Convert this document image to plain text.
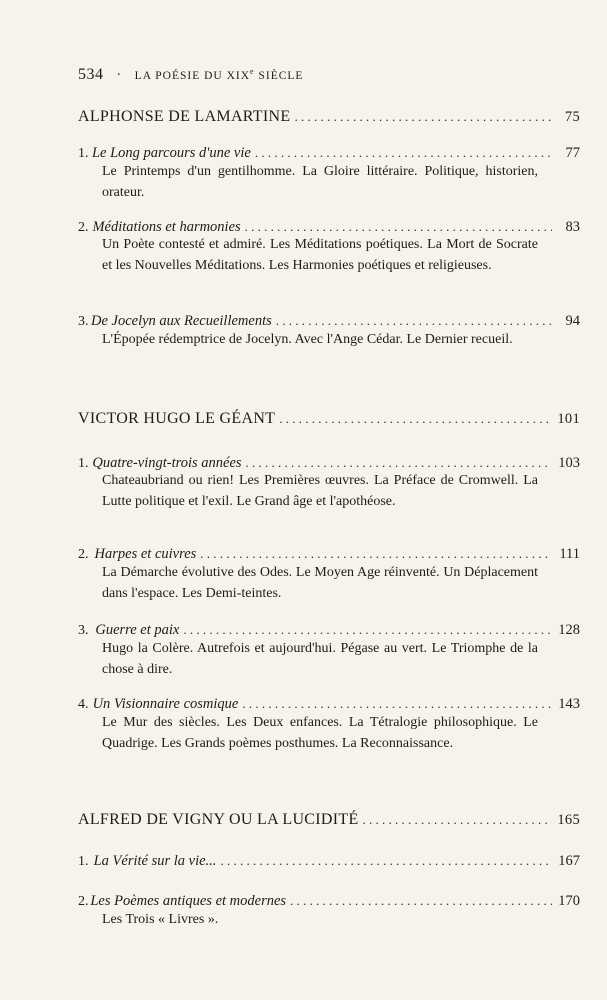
534 · LA POÉSIE DU XIXe SIÈCLE
ALPHONSE DE LAMARTINE . . .	75
1. Le Long parcours d'une vie . . .	77
Le Printemps d'un gentilhomme. La Gloire littéraire. Politique, historien, orateur.
2. Méditations et harmonies . . .	83
Un Poète contesté et admiré. Les Méditations poétiques. La Mort de Socrate et les Nouvelles Méditations. Les Harmonies poétiques et religieuses.
3. De Jocelyn aux Recueillements . . .	94
L'Épopée rédemptrice de Jocelyn. Avec l'Ange Cédar. Le Dernier recueil.
VICTOR HUGO LE GÉANT . . .	101
1. Quatre-vingt-trois années . . .	103
Chateaubriand ou rien! Les Premières œuvres. La Préface de Cromwell. La Lutte politique et l'exil. Le Grand âge et l'apothéose.
2. Harpes et cuivres . . .	111
La Démarche évolutive des Odes. Le Moyen Age réinventé. Un Déplacement dans l'espace. Les Demi-teintes.
3. Guerre et paix . . .	128
Hugo la Colère. Autrefois et aujourd'hui. Pégase au vert. Le Triomphe de la chose à dire.
4. Un Visionnaire cosmique . . .	143
Le Mur des siècles. Les Deux enfances. La Tétralogie philosophique. Le Quadrige. Les Grands poèmes posthumes. La Reconnaissance.
ALFRED DE VIGNY OU LA LUCIDITÉ . . .	165
1. La Vérité sur la vie... . . .	167
2. Les Poèmes antiques et modernes . . .	170
Les Trois « Livres ».
